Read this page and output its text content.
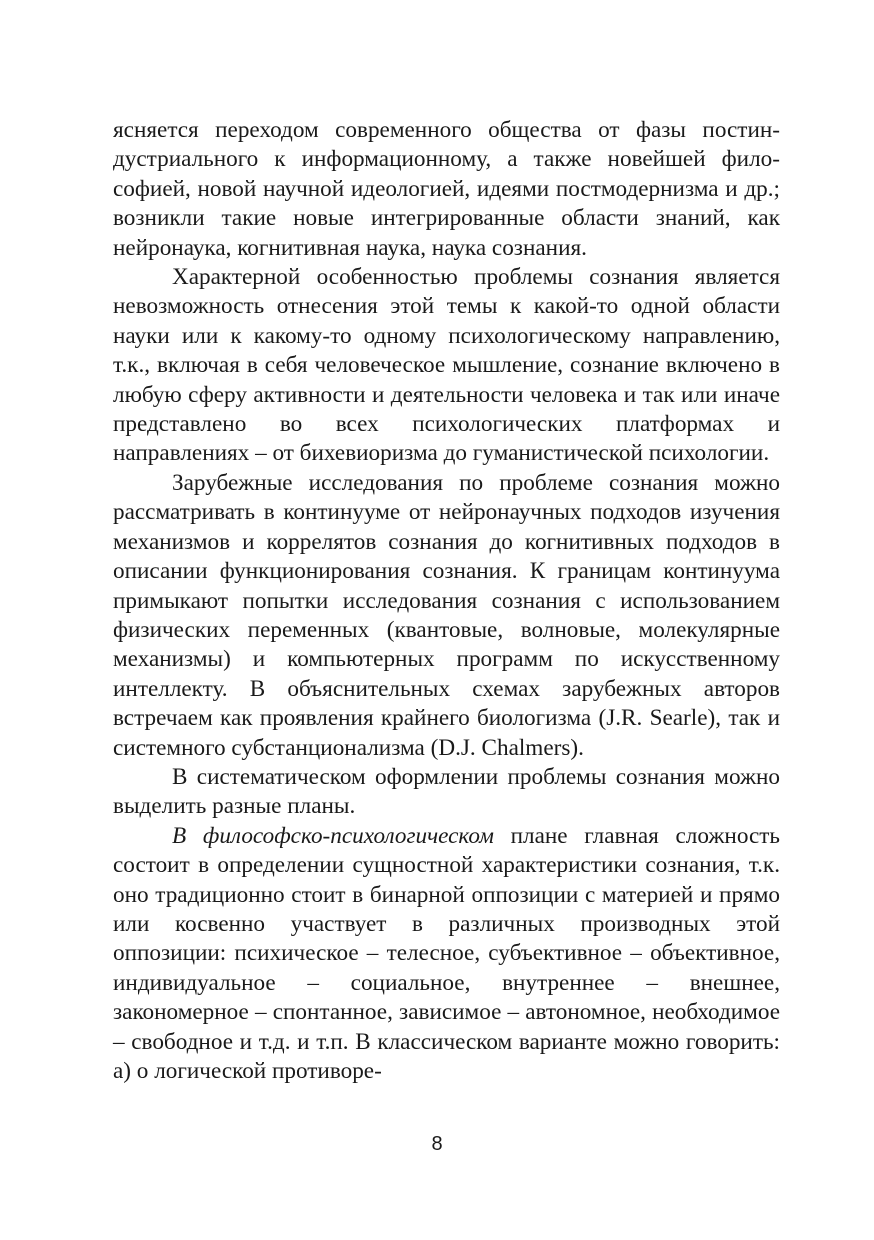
ясняется переходом современного общества от фазы постиндустриального к информационному, а также новейшей философией, новой научной идеологией, идеями постмодернизма и др.; возникли такие новые интегрированные области знаний, как нейронаука, когнитивная наука, наука сознания.

Характерной особенностью проблемы сознания является невозможность отнесения этой темы к какой-то одной области науки или к какому-то одному психологическому направлению, т.к., включая в себя человеческое мышление, сознание включено в любую сферу активности и деятельности человека и так или иначе представлено во всех психологических платформах и направлениях – от бихевиоризма до гуманистической психологии.

Зарубежные исследования по проблеме сознания можно рассматривать в континууме от нейронаучных подходов изучения механизмов и коррелятов сознания до когнитивных подходов в описании функционирования сознания. К границам континуума примыкают попытки исследования сознания с использованием физических переменных (квантовые, волновые, молекулярные механизмы) и компьютерных программ по искусственному интеллекту. В объяснительных схемах зарубежных авторов встречаем как проявления крайнего биологизма (J.R. Searle), так и системного субстанционализма (D.J. Chalmers).

В систематическом оформлении проблемы сознания можно выделить разные планы.

В философско-психологическом плане главная сложность состоит в определении сущностной характеристики сознания, т.к. оно традиционно стоит в бинарной оппозиции с материей и прямо или косвенно участвует в различных производных этой оппозиции: психическое – телесное, субъективное – объективное, индивидуальное – социальное, внутреннее – внешнее, закономерное – спонтанное, зависимое – автономное, необходимое – свободное и т.д. и т.п. В классическом варианте можно говорить: а) о логической противоре-

8
